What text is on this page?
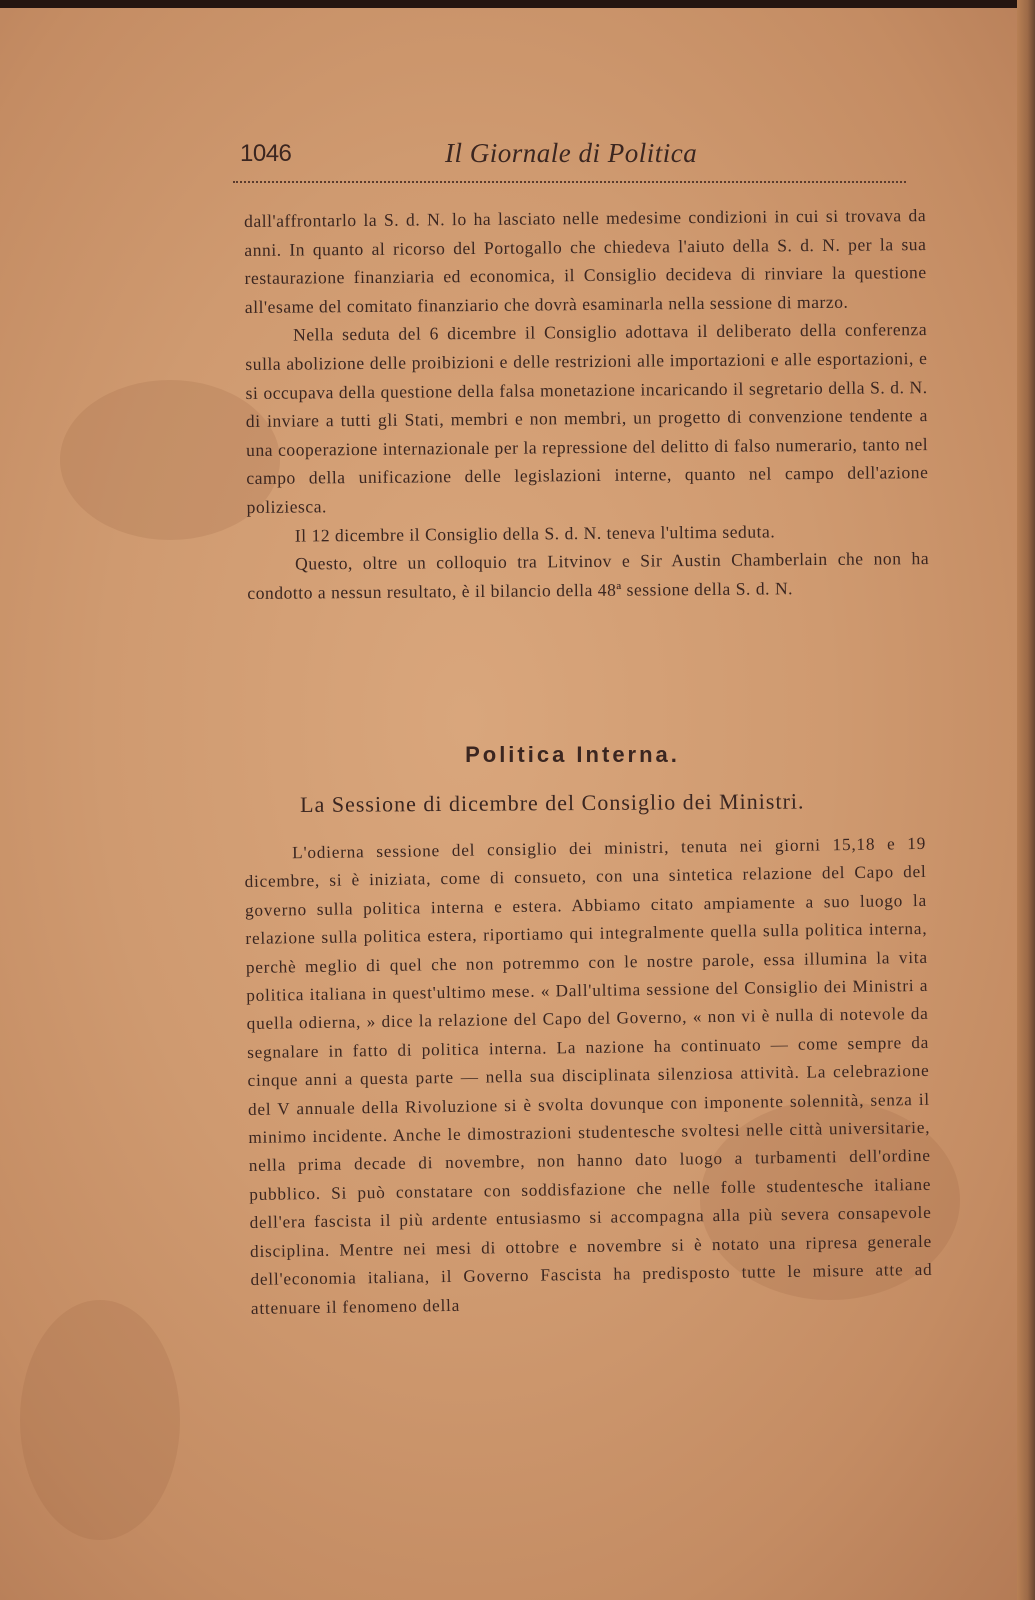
1046	Il Giornale di Politica

dall'affrontarlo la S. d. N. lo ha lasciato nelle medesime condizioni in cui si trovava da anni. In quanto al ricorso del Portogallo che chiedeva l'aiuto della S. d. N. per la sua restaurazione finanziaria ed economica, il Consiglio decideva di rinviare la questione all'esame del comitato finanziario che dovrà esaminarla nella sessione di marzo.

Nella seduta del 6 dicembre il Consiglio adottava il deliberato della conferenza sulla abolizione delle proibizioni e delle restrizioni alle importazioni e alle esportazioni, e si occupava della questione della falsa monetazione incaricando il segretario della S. d. N. di inviare a tutti gli Stati, membri e non membri, un progetto di convenzione tendente a una cooperazione internazionale per la repressione del delitto di falso numerario, tanto nel campo della unificazione delle legislazioni interne, quanto nel campo dell'azione poliziesca.

Il 12 dicembre il Consiglio della S. d. N. teneva l'ultima seduta.

Questo, oltre un colloquio tra Litvinov e Sir Austin Chamberlain che non ha condotto a nessun resultato, è il bilancio della 48ª sessione della S. d. N.

Politica Interna.
La Sessione di dicembre del Consiglio dei Ministri.

L'odierna sessione del consiglio dei ministri, tenuta nei giorni 15,18 e 19 dicembre, si è iniziata, come di consueto, con una sintetica relazione del Capo del governo sulla politica interna e estera. Abbiamo citato ampiamente a suo luogo la relazione sulla politica estera, riportiamo qui integralmente quella sulla politica interna, perchè meglio di quel che non potremmo con le nostre parole, essa illumina la vita politica italiana in quest'ultimo mese. « Dall'ultima sessione del Consiglio dei Ministri a quella odierna, » dice la relazione del Capo del Governo, « non vi è nulla di notevole da segnalare in fatto di politica interna. La nazione ha continuato — come sempre da cinque anni a questa parte — nella sua disciplinata silenziosa attività. La celebrazione del V annuale della Rivoluzione si è svolta dovunque con imponente solennità, senza il minimo incidente. Anche le dimostrazioni studentesche svoltesi nelle città universitarie, nella prima decade di novembre, non hanno dato luogo a turbamenti dell'ordine pubblico. Si può constatare con soddisfazione che nelle folle studentesche italiane dell'era fascista il più ardente entusiasmo si accompagna alla più severa consapevole disciplina. Mentre nei mesi di ottobre e novembre si è notato una ripresa generale dell'economia italiana, il Governo Fascista ha predisposto tutte le misure atte ad attenuare il fenomeno della
